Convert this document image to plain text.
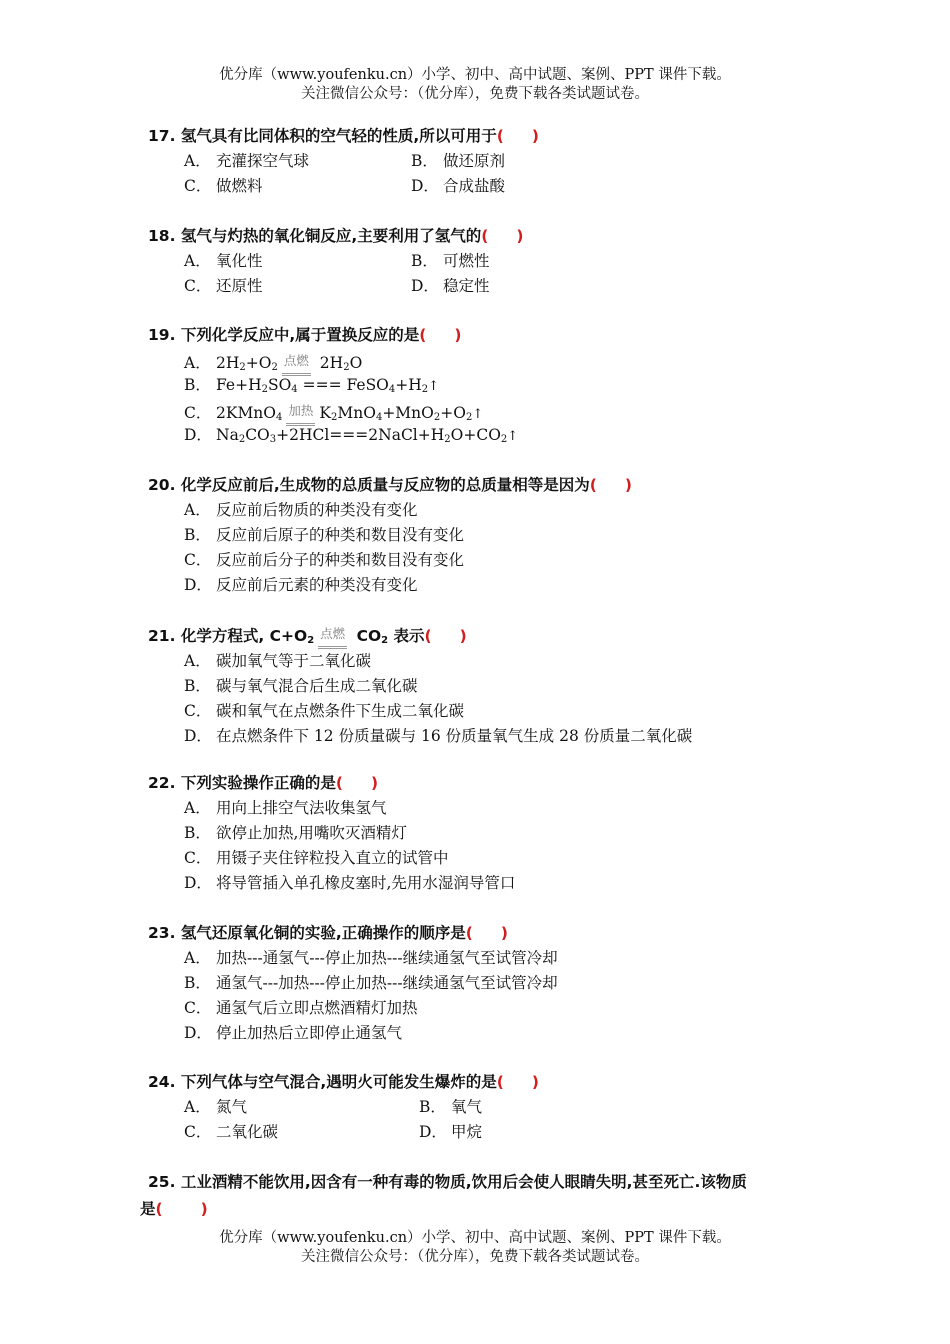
优分库（www.youfenku.cn）小学、初中、高中试题、案例、PPT 课件下载。
关注微信公众号：（优分库），免费下载各类试题试卷。
17. 氢气具有比同体积的空气轻的性质,所以可用于( )
A． 充灌探空气球	B． 做还原剂
C． 做燃料	D． 合成盐酸
18. 氢气与灼热的氧化铜反应,主要利用了氢气的( )
A． 氧化性	B． 可燃性
C． 还原性	D． 稳定性
19. 下列化学反应中,属于置换反应的是( )
A． $2H_2+O_2$ 点燃 $2H_2O$
B． $Fe+H_2SO_4$ === $FeSO_4+H_2↑$
C． 2KMnO$_4$ 加热 $K_2MnO_4+MnO_2+O_2↑$
D． $Na_2CO_3+2HCl===2NaCl+H_2O+CO_2↑$
20. 化学反应前后,生成物的总质量与反应物的总质量相等是因为( )
A． 反应前后物质的种类没有变化
B． 反应前后原子的种类和数目没有变化
C． 反应前后分子的种类和数目没有变化
D． 反应前后元素的种类没有变化
21. 化学方程式, $C+O_2$ 点燃 $CO_2$ 表示( )
A． 碳加氧气等于二氧化碳
B． 碳与氧气混合后生成二氧化碳
C． 碳和氧气在点燃条件下生成二氧化碳
D． 在点燃条件下 12 份质量碳与 16 份质量氧气生成 28 份质量二氧化碳
22. 下列实验操作正确的是( )
A． 用向上排空气法收集氢气
B． 欲停止加热,用嘴吹灭酒精灯
C． 用镊子夹住锌粒投入直立的试管中
D． 将导管插入单孔橡皮塞时,先用水湿润导管口
23. 氢气还原氧化铜的实验,正确操作的顺序是( )
A． 加热---通氢气---停止加热---继续通氢气至试管冷却
B． 通氢气---加热---停止加热---继续通氢气至试管冷却
C． 通氢气后立即点燃酒精灯加热
D． 停止加热后立即停止通氢气
24. 下列气体与空气混合,遇明火可能发生爆炸的是( )
A． 氮气	B． 氧气
C． 二氧化碳	D． 甲烷
25. 工业酒精不能饮用,因含有一种有毒的物质,饮用后会使人眼睛失明,甚至死亡.该物质
是( )
优分库（www.youfenku.cn）小学、初中、高中试题、案例、PPT 课件下载。
关注微信公众号：（优分库），免费下载各类试题试卷。
